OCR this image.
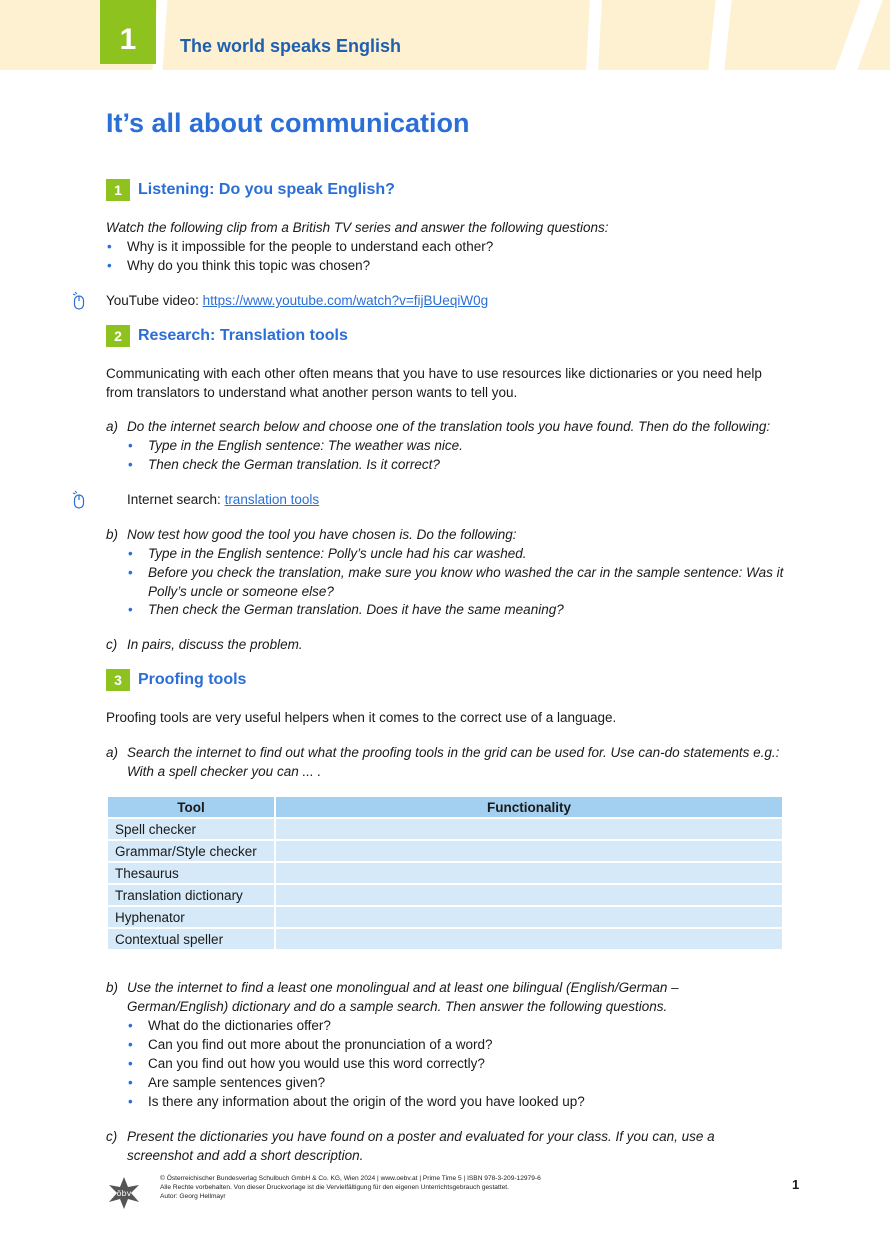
1	The world speaks English
It’s all about communication
1 Listening: Do you speak English?
Watch the following clip from a British TV series and answer the following questions:
• Why is it impossible for the people to understand each other?
• Why do you think this topic was chosen?
YouTube video: https://www.youtube.com/watch?v=fijBUeqiW0g
2 Research: Translation tools
Communicating with each other often means that you have to use resources like dictionaries or you need help from translators to understand what another person wants to tell you.
a) Do the internet search below and choose one of the translation tools you have found. Then do the following:
• Type in the English sentence: The weather was nice.
• Then check the German translation. Is it correct?
Internet search: translation tools
b) Now test how good the tool you have chosen is. Do the following:
• Type in the English sentence: Polly’s uncle had his car washed.
• Before you check the translation, make sure you know who washed the car in the sample sentence: Was it Polly’s uncle or someone else?
• Then check the German translation. Does it have the same meaning?
c) In pairs, discuss the problem.
3 Proofing tools
Proofing tools are very useful helpers when it comes to the correct use of a language.
a) Search the internet to find out what the proofing tools in the grid can be used for. Use can-do statements e.g.: With a spell checker you can ... .
Tool	Functionality
Spell checker	
Grammar/Style checker	
Thesaurus	
Translation dictionary	
Hyphenator	
Contextual speller	
b) Use the internet to find a least one monolingual and at least one bilingual (English/German – German/English) dictionary and do a sample search. Then answer the following questions.
• What do the dictionaries offer?
• Can you find out more about the pronunciation of a word?
• Can you find out how you would use this word correctly?
• Are sample sentences given?
• Is there any information about the origin of the word you have looked up?
c) Present the dictionaries you have found on a poster and evaluated for your class. If you can, use a screenshot and add a short description.
öbv
© Österreichischer Bundesverlag Schulbuch GmbH & Co. KG, Wien 2024 | www.oebv.at | Prime Time 5 | ISBN 978-3-209-12979-6
Alle Rechte vorbehalten. Von dieser Druckvorlage ist die Vervielfältigung für den eigenen Unterrichtsgebrauch gestattet.
Autor: Georg Hellmayr
1
